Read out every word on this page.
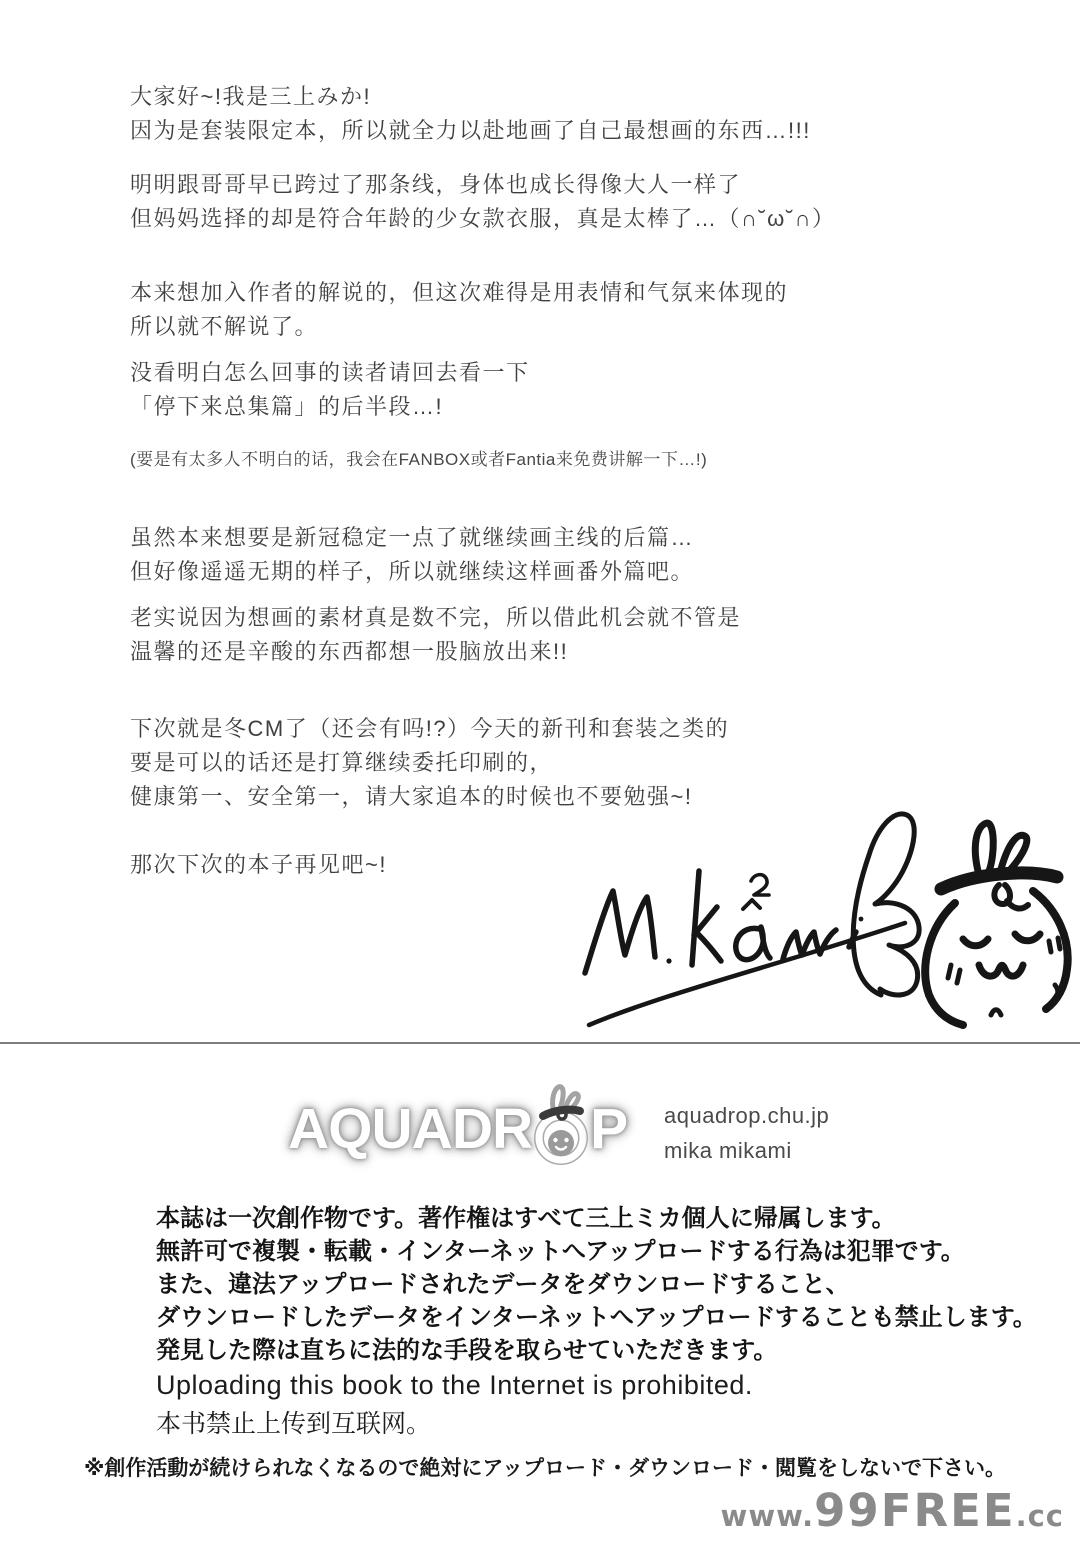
大家好~!我是三上みか!
因为是套装限定本，所以就全力以赴地画了自己最想画的东西…!!!
明明跟哥哥早已跨过了那条线，身体也成长得像大人一样了
但妈妈选择的却是符合年龄的少女款衣服，真是太棒了…（∩˘ω˘∩）
本来想加入作者的解说的，但这次难得是用表情和气氛来体现的
所以就不解说了。
没看明白怎么回事的读者请回去看一下
「停下来总集篇」的后半段…!
(要是有太多人不明白的话，我会在FANBOX或者Fantia来免费讲解一下…!)
虽然本来想要是新冠稳定一点了就继续画主线的后篇…
但好像遥遥无期的样子，所以就继续这样画番外篇吧。
老实说因为想画的素材真是数不完，所以借此机会就不管是
温馨的还是辛酸的东西都想一股脑放出来!!
下次就是冬CM了（还会有吗!?）今天的新刊和套装之类的
要是可以的话还是打算继续委托印刷的，
健康第一、安全第一，请大家追本的时候也不要勉强~!
那次下次的本子再见吧~!
AQUADR P aquadrop.chu.jp
mika mikami
本誌は一次創作物です。著作権はすべて三上ミカ個人に帰属します。
無許可で複製・転載・インターネットへアップロードする行為は犯罪です。
また、違法アップロードされたデータをダウンロードすること、
ダウンロードしたデータをインターネットへアップロードすることも禁止します。
発見した際は直ちに法的な手段を取らせていただきます。
Uploading this book to the Internet is prohibited.
本书禁止上传到互联网。
※創作活動が続けられなくなるので絶対にアップロード・ダウンロード・閲覧をしないで下さい。
www. 99FREE .cc
